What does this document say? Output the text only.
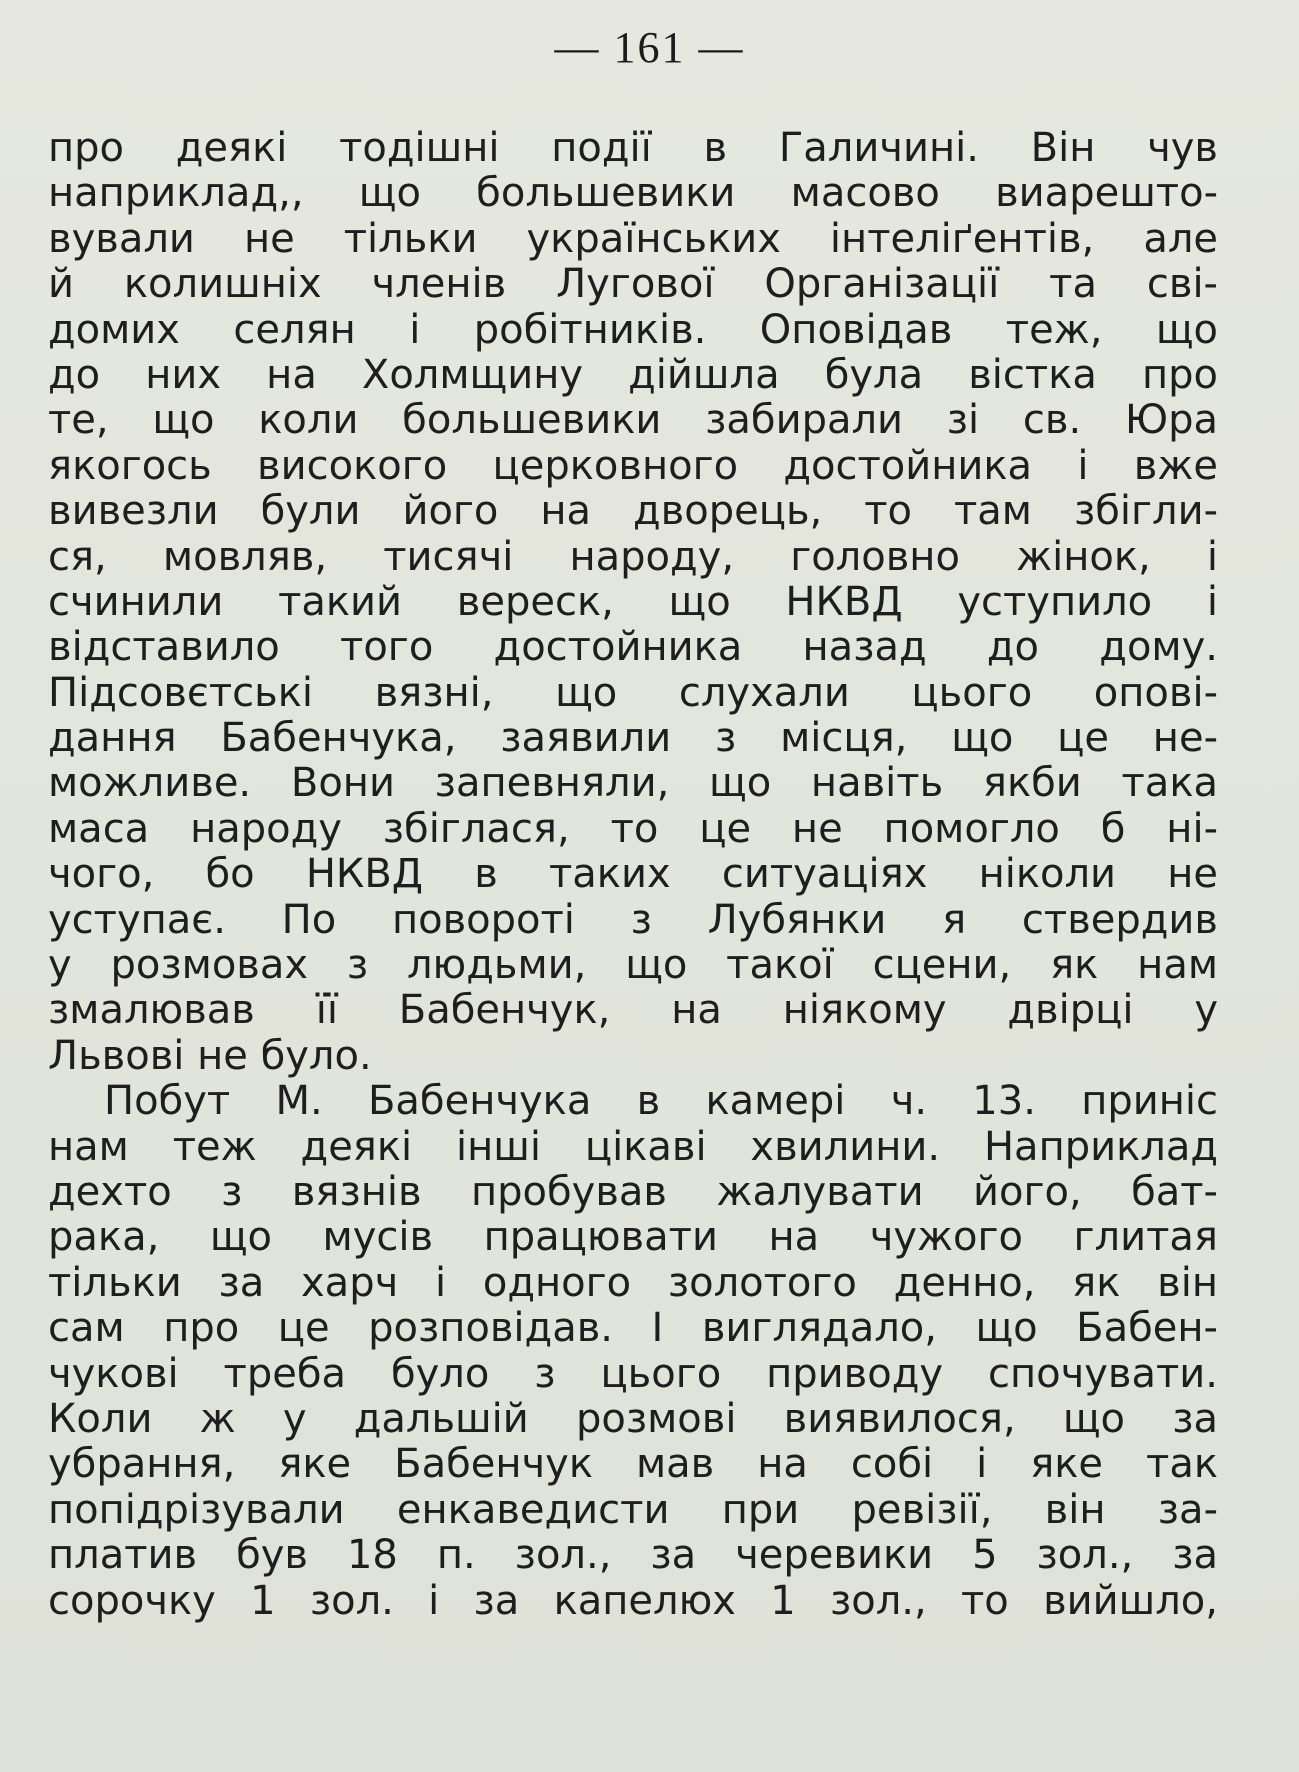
— 161 —
про деякі тодішні події в Галичині. Він чув
наприклад,, що большевики масово виарешто-
вували не тільки українських інтеліґентів, але
й колишніх членів Лугової Організації та сві-
домих селян і робітників. Оповідав теж, що
до них на Холмщину дійшла була вістка про
те, що коли большевики забирали зі св. Юра
якогось високого церковного достойника і вже
вивезли були його на дворець, то там збігли-
ся, мовляв, тисячі народу, головно жінок, і
счинили такий вереск, що НКВД уступило і
відставило того достойника назад до дому.
Підсовєтські вязні, що слухали цього опові-
дання Бабенчука, заявили з місця, що це не-
можливе. Вони запевняли, що навіть якби така
маса народу збіглася, то це не помогло б ні-
чого, бо НКВД в таких ситуаціях ніколи не
уступає. По повороті з Лубянки я ствердив
у розмовах з людьми, що такої сцени, як нам
змалював її Бабенчук, на ніякому двірці у
Львові не було.
Побут М. Бабенчука в камері ч. 13. приніс
нам теж деякі інші цікаві хвилини. Наприклад
дехто з вязнів пробував жалувати його, бат-
рака, що мусів працювати на чужого глитая
тільки за харч і одного золотого денно, як він
сам про це розповідав. І виглядало, що Бабен-
чукові треба було з цього приводу спочувати.
Коли ж у дальшій розмові виявилося, що за
убрання, яке Бабенчук мав на собі і яке так
попідрізували енкаведисти при ревізії, він за-
платив був 18 п. зол., за черевики 5 зол., за
сорочку 1 зол. і за капелюх 1 зол., то вийшло,
